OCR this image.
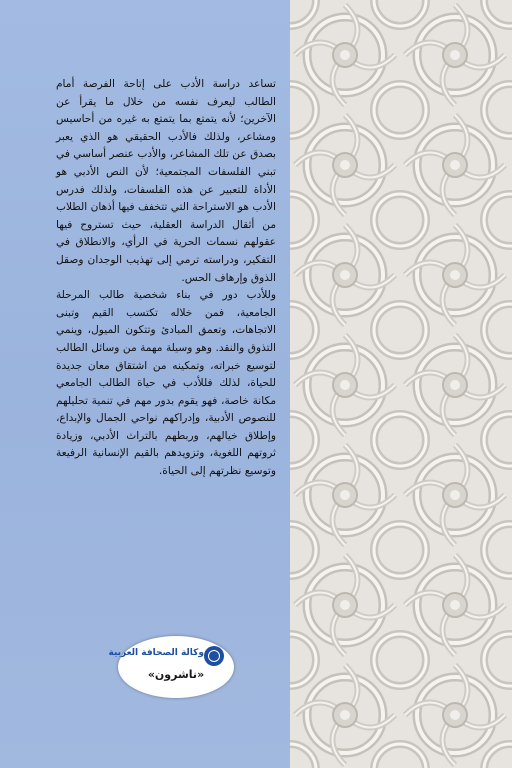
تساعد دراسة الأدب على إتاحة الفرصة أمام الطالب ليعرف نفسه من خلال ما يقرأ عن الآخرين؛ لأنه يتمتع بما يتمتع به غيره من أحاسيس ومشاعر، ولذلك فالأدب الحقيقي هو الذي يعبر بصدق عن تلك المشاعر، والأدب عنصر أساسي في تبني الفلسفات المجتمعية؛ لأن النص الأدبي هو الأداة للتعبير عن هذه الفلسفات، ولذلك فدرس الأدب هو الاستراحة التي تتخفف فيها أذهان الطلاب من أثقال الدراسة العقلية، حيث تستروح فيها عقولهم نسمات الحرية في الرأي، والانطلاق في التفكير، ودراسته ترمي إلى تهذيب الوجدان وصقل الذوق وإرهاف الحس.

وللأدب دور في بناء شخصية طالب المرحلة الجامعية، فمن خلاله تكتسب القيم وتبنى الاتجاهات، وتعمق المبادئ وتتكون الميول، وينمي التذوق والنقد. وهو وسيلة مهمة من وسائل الطالب لتوسيع خبراته، وتمكينه من اشتقاق معان جديدة للحياة، لذلك فللأدب في حياة الطالب الجامعي مكانة خاصة، فهو يقوم بدور مهم في تنمية تحليلهم للنصوص الأدبية، وإدراكهم نواحي الجمال والإبداع، وإطلاق خيالهم، وربطهم بالتراث الأدبي، وزيادة ثروتهم اللغوية، وتزويدهم بالقيم الإنسانية الرفيعة وتوسيع نظرتهم إلى الحياة.

وكالة الصحافة العربية
«ناشرون»
